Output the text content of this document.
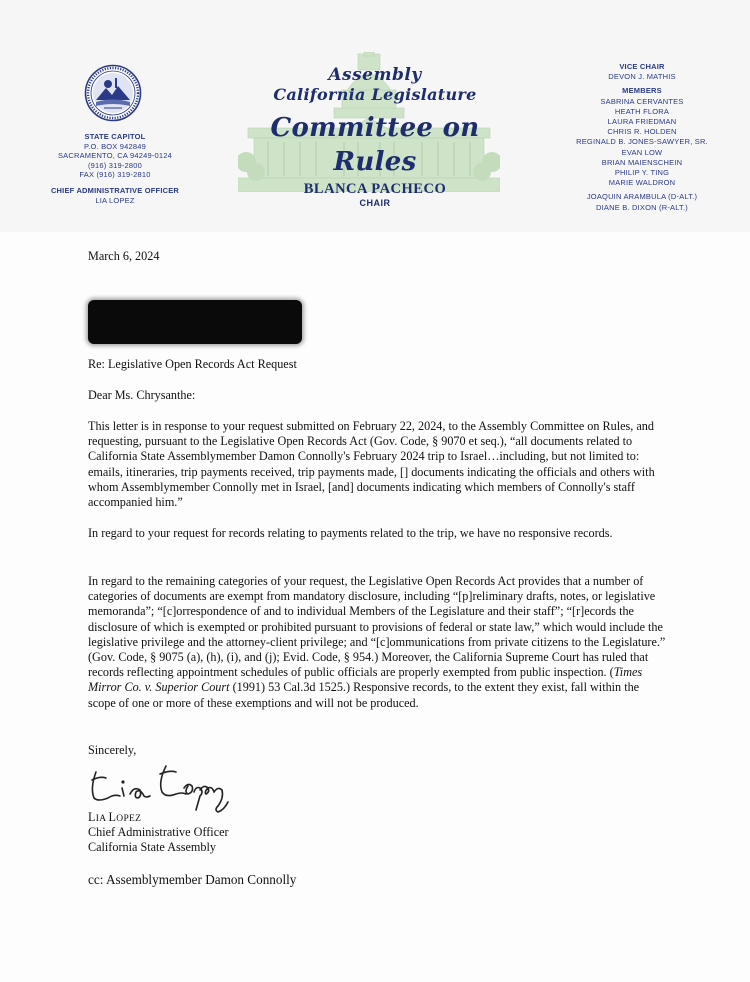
STATE CAPITOL
P.O. BOX 942849
SACRAMENTO, CA 94249-0124
(916) 319-2800
FAX (916) 319-2810
CHIEF ADMINISTRATIVE OFFICER
LIA LOPEZ
Assembly
California Legislature
Committee on Rules
BLANCA PACHECO
CHAIR
VICE CHAIR
DEVON J. MATHIS
MEMBERS
SABRINA CERVANTES
HEATH FLORA
LAURA FRIEDMAN
CHRIS R. HOLDEN
REGINALD B. JONES-SAWYER, SR.
EVAN LOW
BRIAN MAIENSCHEIN
PHILIP Y. TING
MARIE WALDRON
JOAQUIN ARAMBULA (D-ALT.)
DIANE B. DIXON (R-ALT.)
March 6, 2024
Re: Legislative Open Records Act Request
Dear Ms. Chrysanthe:
This letter is in response to your request submitted on February 22, 2024, to the Assembly Committee on Rules, and requesting, pursuant to the Legislative Open Records Act (Gov. Code, § 9070 et seq.), “all documents related to California State Assemblymember Damon Connolly's February 2024 trip to Israel…including, but not limited to: emails, itineraries, trip payments received, trip payments made, [] documents indicating the officials and others with whom Assemblymember Connolly met in Israel, [and] documents indicating which members of Connolly's staff accompanied him.”
In regard to your request for records relating to payments related to the trip, we have no responsive records.
In regard to the remaining categories of your request, the Legislative Open Records Act provides that a number of categories of documents are exempt from mandatory disclosure, including “[p]reliminary drafts, notes, or legislative memoranda”; “[c]orrespondence of and to individual Members of the Legislature and their staff”; “[r]ecords the disclosure of which is exempted or prohibited pursuant to provisions of federal or state law,” which would include the legislative privilege and the attorney-client privilege; and “[c]ommunications from private citizens to the Legislature.” (Gov. Code, § 9075 (a), (h), (i), and (j); Evid. Code, § 954.) Moreover, the California Supreme Court has ruled that records reflecting appointment schedules of public officials are properly exempted from public inspection. (Times Mirror Co. v. Superior Court (1991) 53 Cal.3d 1525.) Responsive records, to the extent they exist, fall within the scope of one or more of these exemptions and will not be produced.
Sincerely,
LIA LOPEZ
Chief Administrative Officer
California State Assembly
cc: Assemblymember Damon Connolly
